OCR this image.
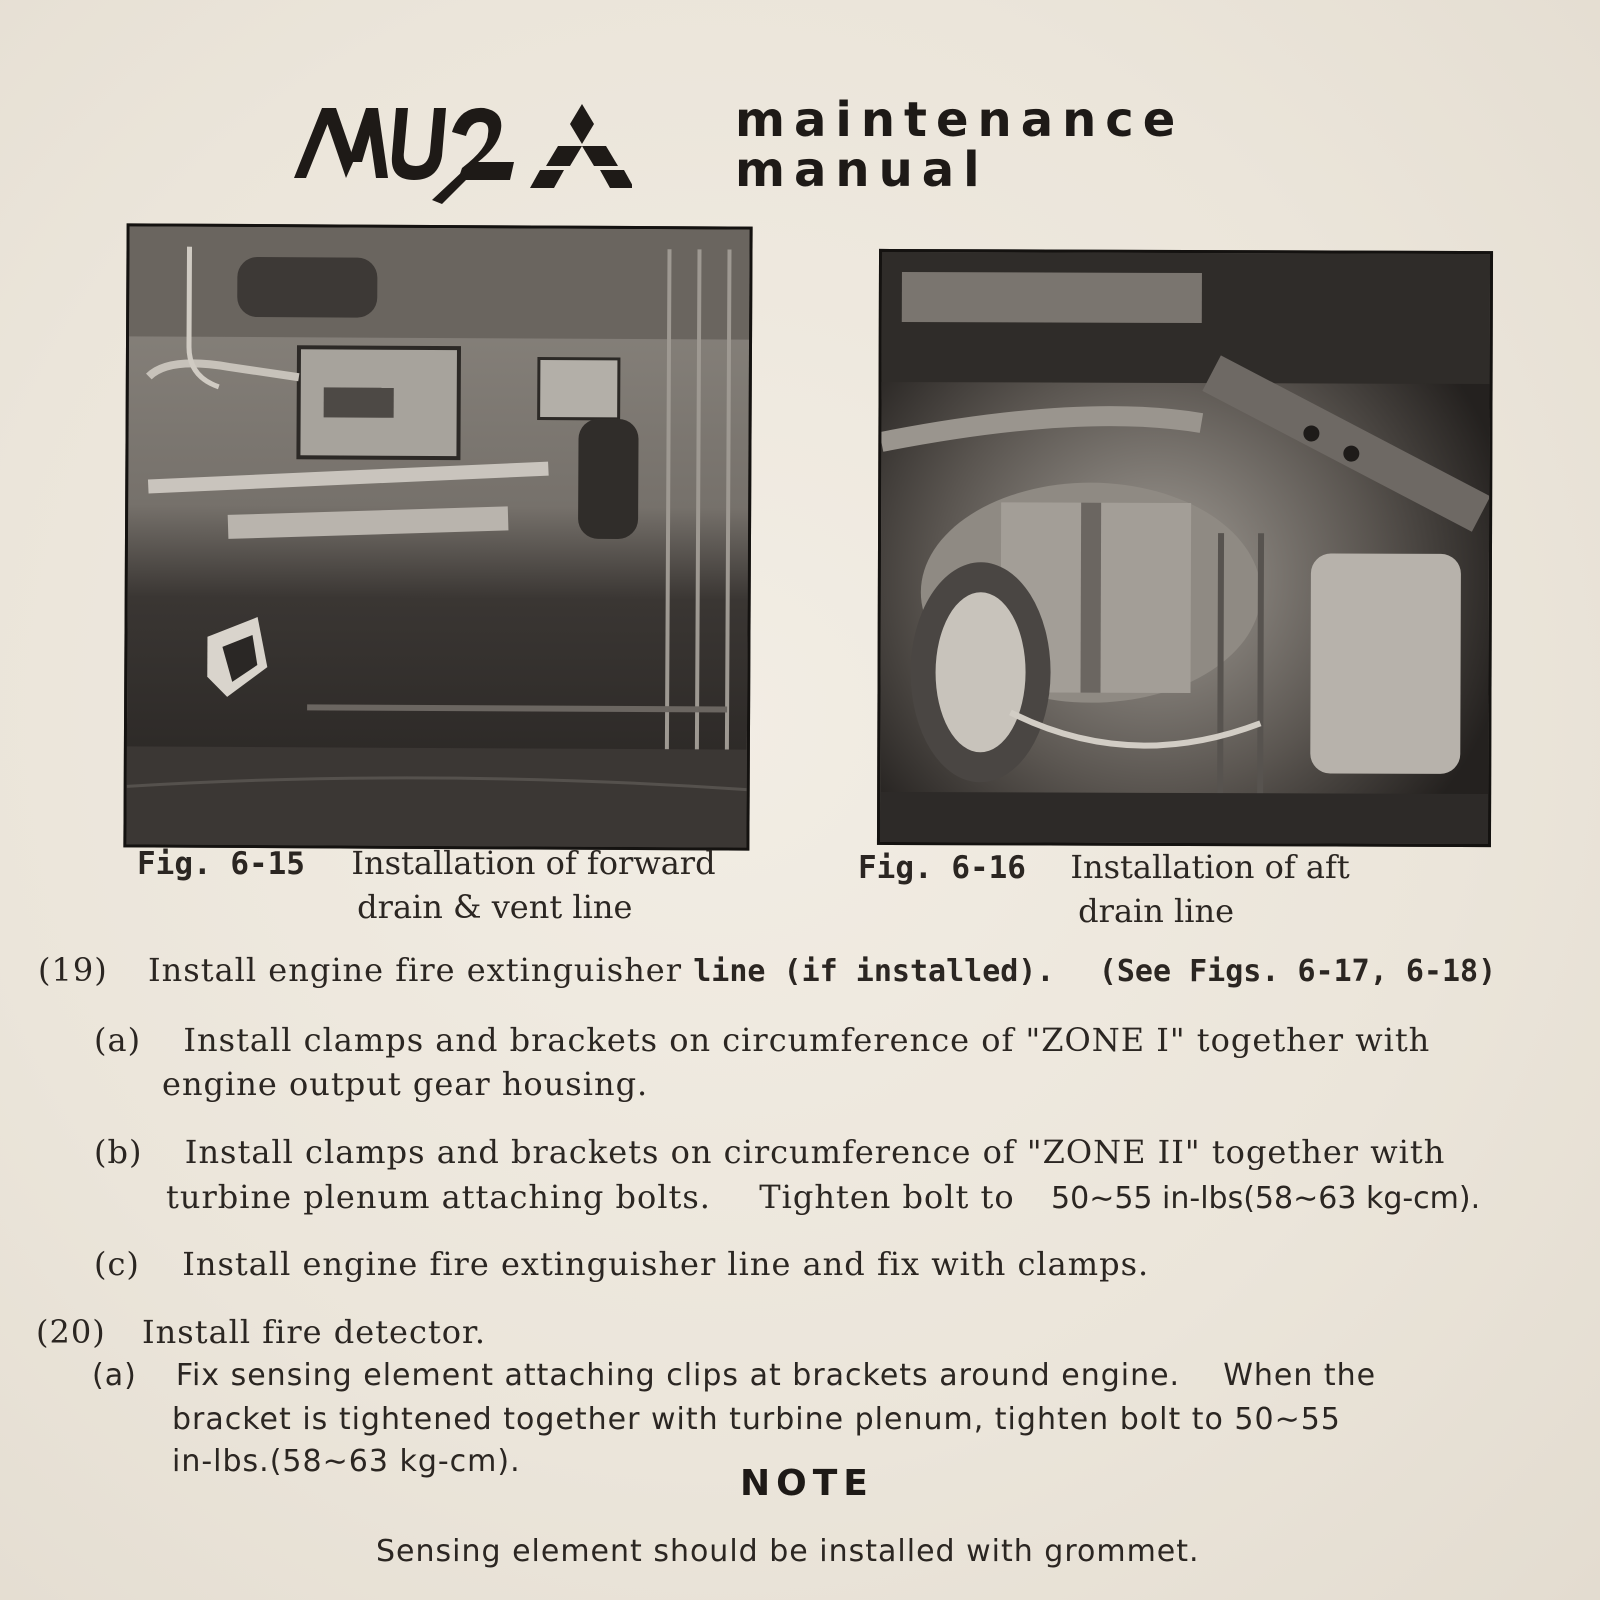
maintenance
manual
Fig. 6-15 Installation of forward
drain & vent line
Fig. 6-16 Installation of aft
drain line
(19) Install engine fire extinguisher line (if installed). (See Figs. 6-17, 6-18)
(a) Install clamps and brackets on circumference of "ZONE I" together with
engine output gear housing.
(b) Install clamps and brackets on circumference of "ZONE II" together with
turbine plenum attaching bolts. Tighten bolt to 50∼55 in-lbs(58∼63 kg-cm).
(c) Install engine fire extinguisher line and fix with clamps.
(20) Install fire detector.
(a) Fix sensing element attaching clips at brackets around engine. When the
bracket is tightened together with turbine plenum, tighten bolt to 50∼55
in-lbs.(58∼63 kg-cm).
NOTE
Sensing element should be installed with grommet.
